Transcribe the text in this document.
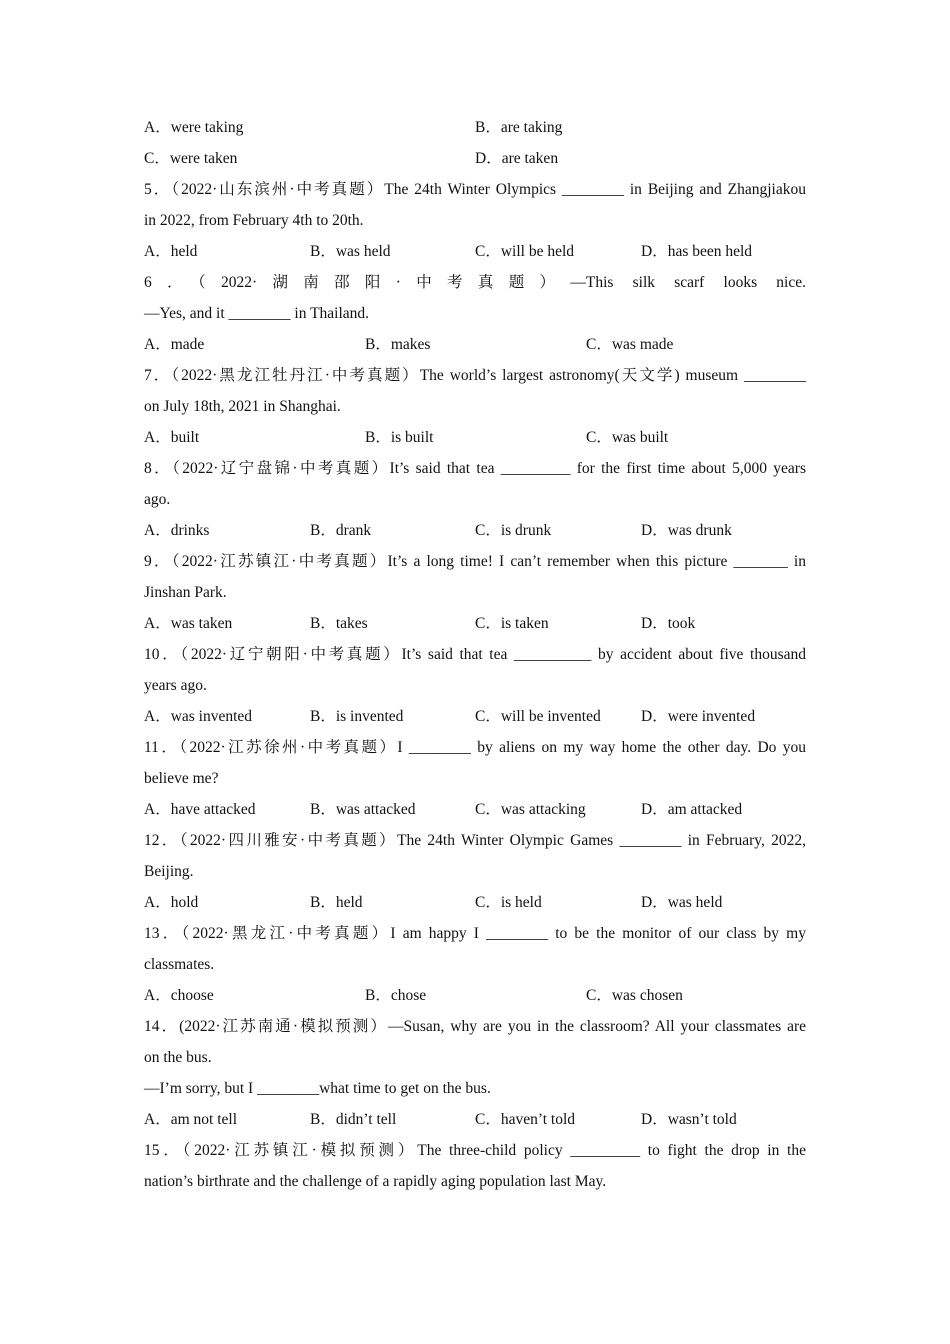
A．were taking	B．are taking
C．were taken	D．are taken
5．（2022·山东滨州·中考真题）The 24th Winter Olympics ________ in Beijing and Zhangjiakou
in 2022, from February 4th to 20th.
A．held	B．was held	C．will be held	D．has been held
6．（2022·湖南邵阳·中考真题）—This silk scarf looks nice.
—Yes, and it ________ in Thailand.
A．made	B．makes	C．was made
7．（2022·黑龙江牡丹江·中考真题）The world’s largest astronomy(天文学) museum ________
on July 18th, 2021 in Shanghai.
A．built	B．is built	C．was built
8．（2022·辽宁盘锦·中考真题）It’s said that tea _________ for the first time about 5,000 years
ago.
A．drinks	B．drank	C．is drunk	D．was drunk
9．（2022·江苏镇江·中考真题）It’s a long time! I can’t remember when this picture _______ in
Jinshan Park.
A．was taken	B．takes	C．is taken	D．took
10．（2022·辽宁朝阳·中考真题）It’s said that tea __________ by accident about five thousand
years ago.
A．was invented	B．is invented	C．will be invented	D．were invented
11．（2022·江苏徐州·中考真题）I ________ by aliens on my way home the other day. Do you
believe me?
A．have attacked	B．was attacked	C．was attacking	D．am attacked
12．（2022·四川雅安·中考真题）The 24th Winter Olympic Games ________ in February, 2022,
Beijing.
A．hold	B．held	C．is held	D．was held
13．（2022·黑龙江·中考真题）I am happy I ________ to be the monitor of our class by my
classmates.
A．choose	B．chose	C．was chosen
14．(2022·江苏南通·模拟预测）—Susan, why are you in the classroom? All your classmates are
on the bus.
—I’m sorry, but I ________what time to get on the bus.
A．am not tell	B．didn’t tell	C．haven’t told	D．wasn’t told
15．（2022·江苏镇江·模拟预测）The three-child policy _________ to fight the drop in the
nation’s birthrate and the challenge of a rapidly aging population last May.
